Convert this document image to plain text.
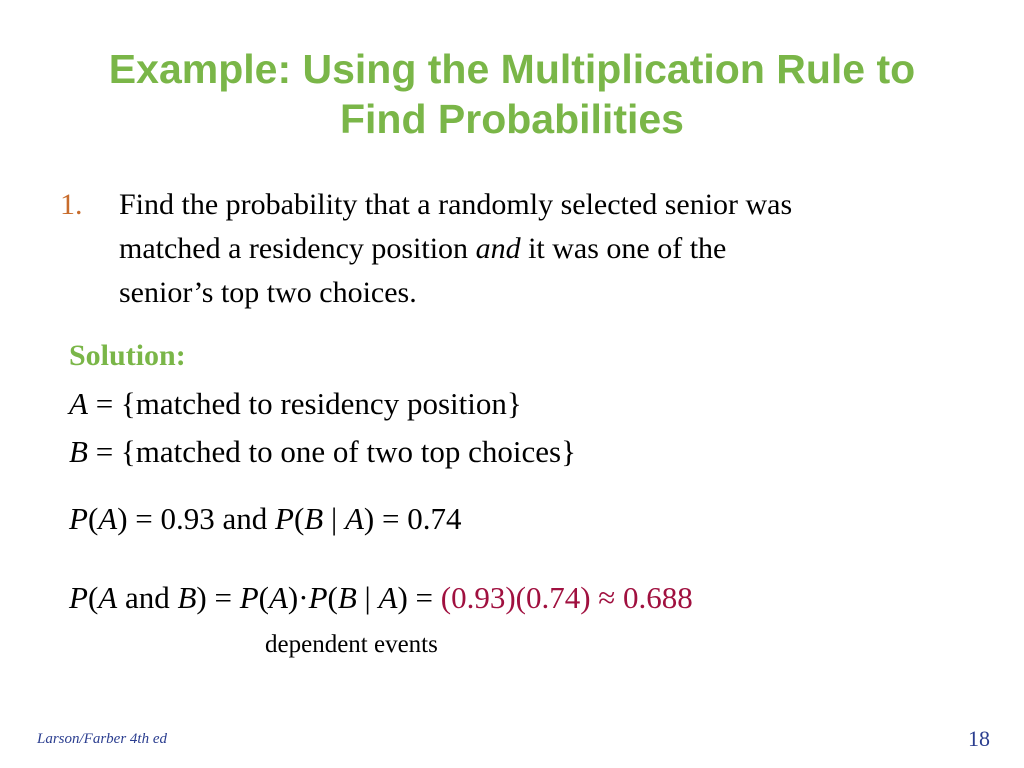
Example: Using the Multiplication Rule to
Find Probabilities
1. Find the probability that a randomly selected senior was
matched a residency position and it was one of the
senior’s top two choices.
Solution:
A = {matched to residency position}
B = {matched to one of two top choices}
P(A) = 0.93 and P(B | A) = 0.74
P(A and B) = P(A)·P(B | A) = (0.93)(0.74) ≈ 0.688
dependent events
Larson/Farber 4th ed	18
